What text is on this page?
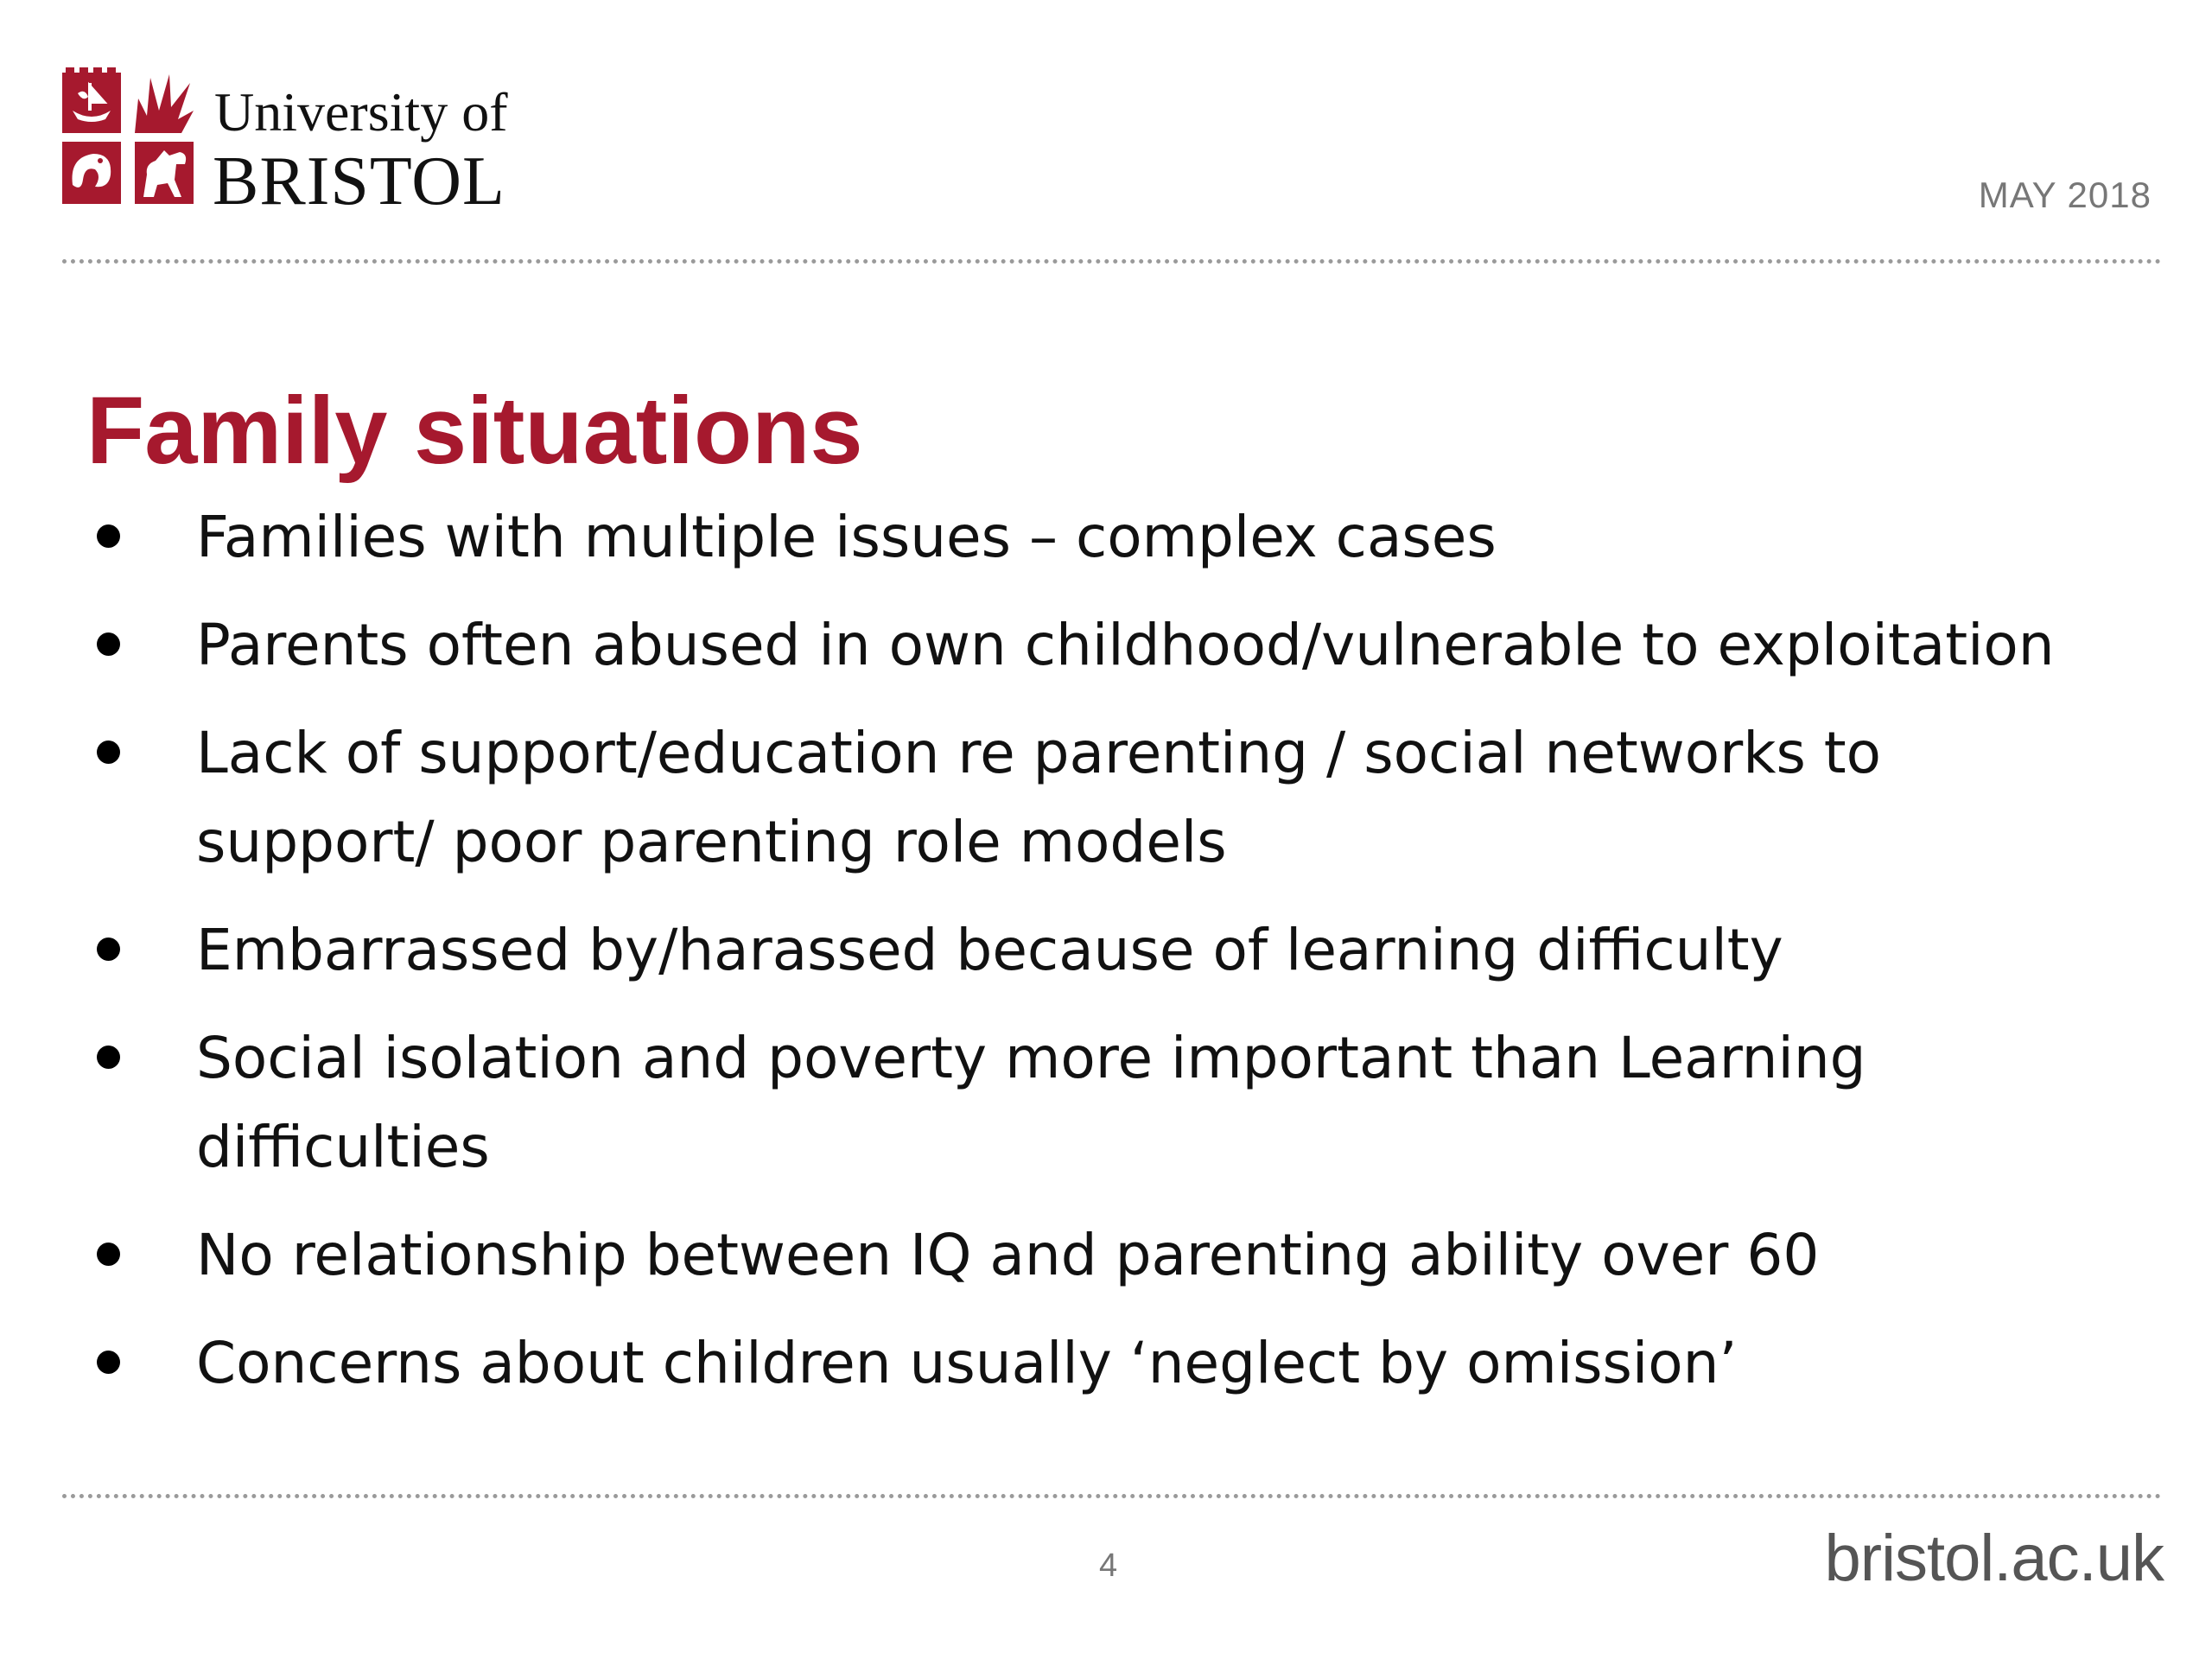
University of
BRISTOL	MAY 2018
Family situations
Families with multiple issues – complex cases
Parents often abused in own childhood/vulnerable to exploitation
Lack of support/education re parenting / social networks to support/ poor parenting role models
Embarrassed by/harassed because of learning difficulty
Social isolation and poverty more important than Learning difficulties
No relationship between IQ and parenting ability over 60
Concerns about children usually ‘neglect by omission’
4	bristol.ac.uk
